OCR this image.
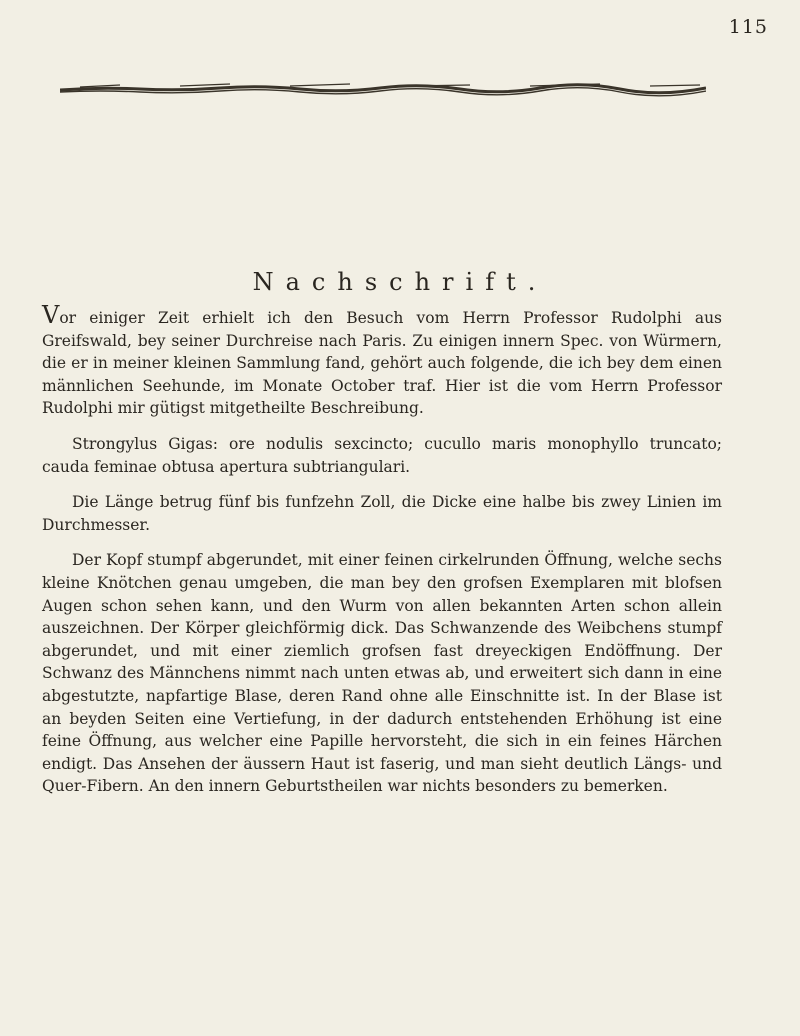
115
Nachschrift.

Vor einiger Zeit erhielt ich den Besuch vom Herrn Professor Rudolphi aus Greifswald, bey seiner Durchreise nach Paris. Zu einigen innern Spec. von Würmern, die er in meiner kleinen Sammlung fand, gehört auch folgende, die ich bey dem einen männlichen Seehunde, im Monate October traf. Hier ist die vom Herrn Professor Rudolphi mir gütigst mitgetheilte Beschreibung.

Strongylus Gigas: ore nodulis sexcincto; cucullo maris monophyllo truncato; cauda feminae obtusa apertura subtriangulari.

Die Länge betrug fünf bis funfzehn Zoll, die Dicke eine halbe bis zwey Linien im Durchmesser.

Der Kopf stumpf abgerundet, mit einer feinen cirkelrunden Öffnung, welche sechs kleine Knötchen genau umgeben, die man bey den grofsen Exemplaren mit blofsen Augen schon sehen kann, und den Wurm von allen bekannten Arten schon allein auszeichnen. Der Körper gleichförmig dick. Das Schwanzende des Weibchens stumpf abgerundet, und mit einer ziemlich grofsen fast dreyeckigen Endöffnung. Der Schwanz des Männchens nimmt nach unten etwas ab, und erweitert sich dann in eine abgestutzte, napfartige Blase, deren Rand ohne alle Einschnitte ist. In der Blase ist an beyden Seiten eine Vertiefung, in der dadurch entstehenden Erhöhung ist eine feine Öffnung, aus welcher eine Papille hervorsteht, die sich in ein feines Härchen endigt. Das Ansehen der äussern Haut ist faserig, und man sieht deutlich Längs- und Quer-Fibern. An den innern Geburtstheilen war nichts besonders zu bemerken.
